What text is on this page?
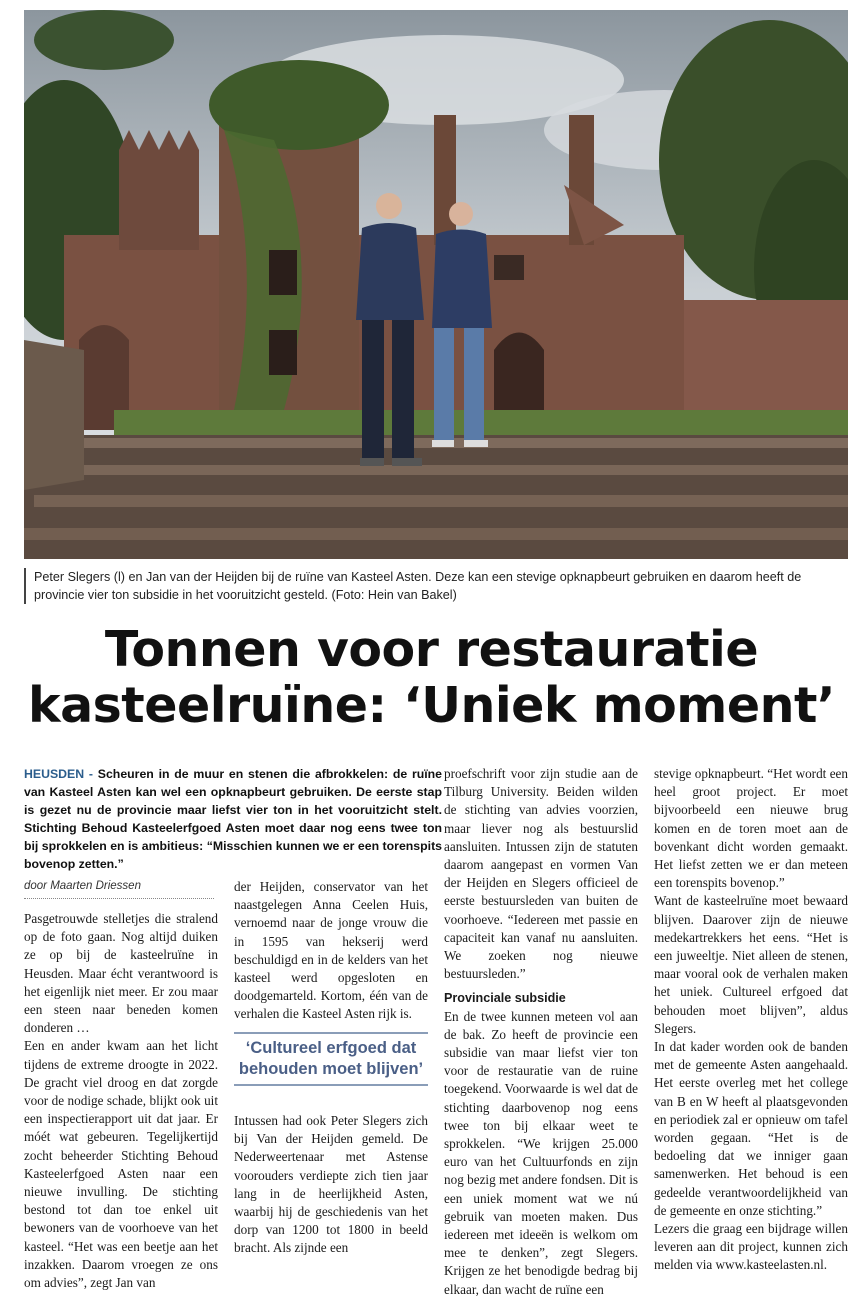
Peter Slegers (l) en Jan van der Heijden bij de ruïne van Kasteel Asten. Deze kan een stevige opknapbeurt gebruiken en daarom heeft de provincie vier ton subsidie in het vooruitzicht gesteld. (Foto: Hein van Bakel)
Tonnen voor restauratie
kasteelruïne: ‘Uniek moment’
HEUSDEN - Scheuren in de muur en stenen die afbrokkelen: de ruïne van Kasteel Asten kan wel een opknapbeurt gebruiken. De eerste stap is gezet nu de provincie maar liefst vier ton in het vooruitzicht stelt. Stichting Behoud Kasteelerfgoed Asten moet daar nog eens twee ton bij sprokkelen en is ambitieus: “Misschien kunnen we er een torenspits bovenop zetten.”
door Maarten Driessen

Pasgetrouwde stelletjes die stralend op de foto gaan. Nog altijd duiken ze op bij de kasteelruïne in Heusden. Maar écht verantwoord is het eigenlijk niet meer. Er zou maar een steen naar beneden komen donderen …

Een en ander kwam aan het licht tijdens de extreme droogte in 2022. De gracht viel droog en dat zorgde voor de nodige schade, blijkt ook uit een inspectierapport uit dat jaar. Er móét wat gebeuren. Tegelijkertijd zocht beheerder Stichting Behoud Kasteelerfgoed Asten naar een nieuwe invulling. De stichting bestond tot dan toe enkel uit bewoners van de voorhoeve van het kasteel. “Het was een beetje aan het inzakken. Daarom vroegen ze ons om advies”, zegt Jan van

der Heijden, conservator van het naastgelegen Anna Ceelen Huis, vernoemd naar de jonge vrouw die in 1595 van hekserij werd beschuldigd en in de kelders van het kasteel werd opgesloten en doodgemarteld. Kortom, één van de verhalen die Kasteel Asten rijk is.

‘Cultureel erfgoed dat behouden moet blijven’

Intussen had ook Peter Slegers zich bij Van der Heijden gemeld. De Nederweertenaar met Astense voorouders verdiepte zich tien jaar lang in de heerlijkheid Asten, waarbij hij de geschiedenis van het dorp van 1200 tot 1800 in beeld bracht. Als zijnde een

proefschrift voor zijn studie aan de Tilburg University. Beiden wilden de stichting van advies voorzien, maar liever nog als bestuurslid aansluiten. Intussen zijn de statuten daarom aangepast en vormen Van der Heijden en Slegers officieel de eerste bestuursleden van buiten de voorhoeve. “Iedereen met passie en capaciteit kan vanaf nu aansluiten. We zoeken nog nieuwe bestuursleden.”

Provinciale subsidie

En de twee kunnen meteen vol aan de bak. Zo heeft de provincie een subsidie van maar liefst vier ton voor de restauratie van de ruine toegekend. Voorwaarde is wel dat de stichting daarbovenop nog eens twee ton bij elkaar weet te sprokkelen. “We krijgen 25.000 euro van het Cultuurfonds en zijn nog bezig met andere fondsen. Dit is een uniek moment wat we nú gebruik van moeten maken. Dus iedereen met ideeën is welkom om mee te denken”, zegt Slegers. Krijgen ze het benodigde bedrag bij elkaar, dan wacht de ruïne een

stevige opknapbeurt. “Het wordt een heel groot project. Er moet bijvoorbeeld een nieuwe brug komen en de toren moet aan de bovenkant dicht worden gemaakt. Het liefst zetten we er dan meteen een torenspits bovenop.”

Want de kasteelruïne moet bewaard blijven. Daarover zijn de nieuwe medekartrekkers het eens. “Het is een juweeltje. Niet alleen de stenen, maar vooral ook de verhalen maken het uniek. Cultureel erfgoed dat behouden moet blijven”, aldus Slegers.

In dat kader worden ook de banden met de gemeente Asten aangehaald. Het eerste overleg met het college van B en W heeft al plaatsgevonden en periodiek zal er opnieuw om tafel worden gegaan. “Het is de bedoeling dat we inniger gaan samenwerken. Het behoud is een gedeelde verantwoordelijkheid van de gemeente en onze stichting.”

Lezers die graag een bijdrage willen leveren aan dit project, kunnen zich melden via www.kasteelasten.nl.
